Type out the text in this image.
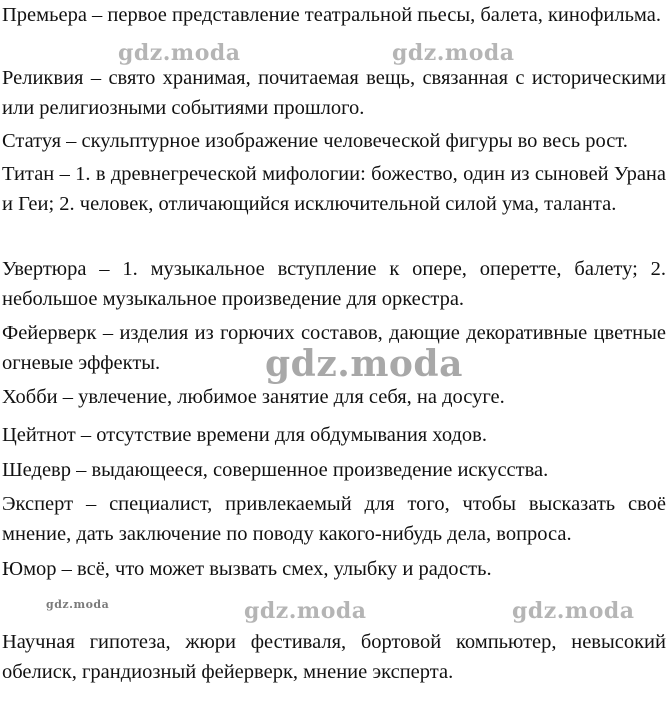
Премьера – первое представление театральной пьесы, балета, кинофильма.

Реликвия – свято хранимая, почитаемая вещь, связанная с историческими или религиозными событиями прошлого.

Статуя – скульптурное изображение человеческой фигуры во весь рост.

Титан – 1. в древнегреческой мифологии: божество, один из сыновей Урана и Геи; 2. человек, отличающийся исключительной силой ума, таланта.

Увертюра – 1. музыкальное вступление к опере, оперетте, балету; 2. небольшое музыкальное произведение для оркестра.

Фейерверк – изделия из горючих составов, дающие декоративные цветные огневые эффекты.

Хобби – увлечение, любимое занятие для себя, на досуге.

Цейтнот – отсутствие времени для обдумывания ходов.

Шедевр – выдающееся, совершенное произведение искусства.

Эксперт – специалист, привлекаемый для того, чтобы высказать своё мнение, дать заключение по поводу какого-нибудь дела, вопроса.

Юмор – всё, что может вызвать смех, улыбку и радость.

Научная гипотеза, жюри фестиваля, бортовой компьютер, невысокий обелиск, грандиозный фейерверк, мнение эксперта.

gdz.moda	gdz.moda
gdz.moda
gdz.moda	gdz.moda	gdz.moda
